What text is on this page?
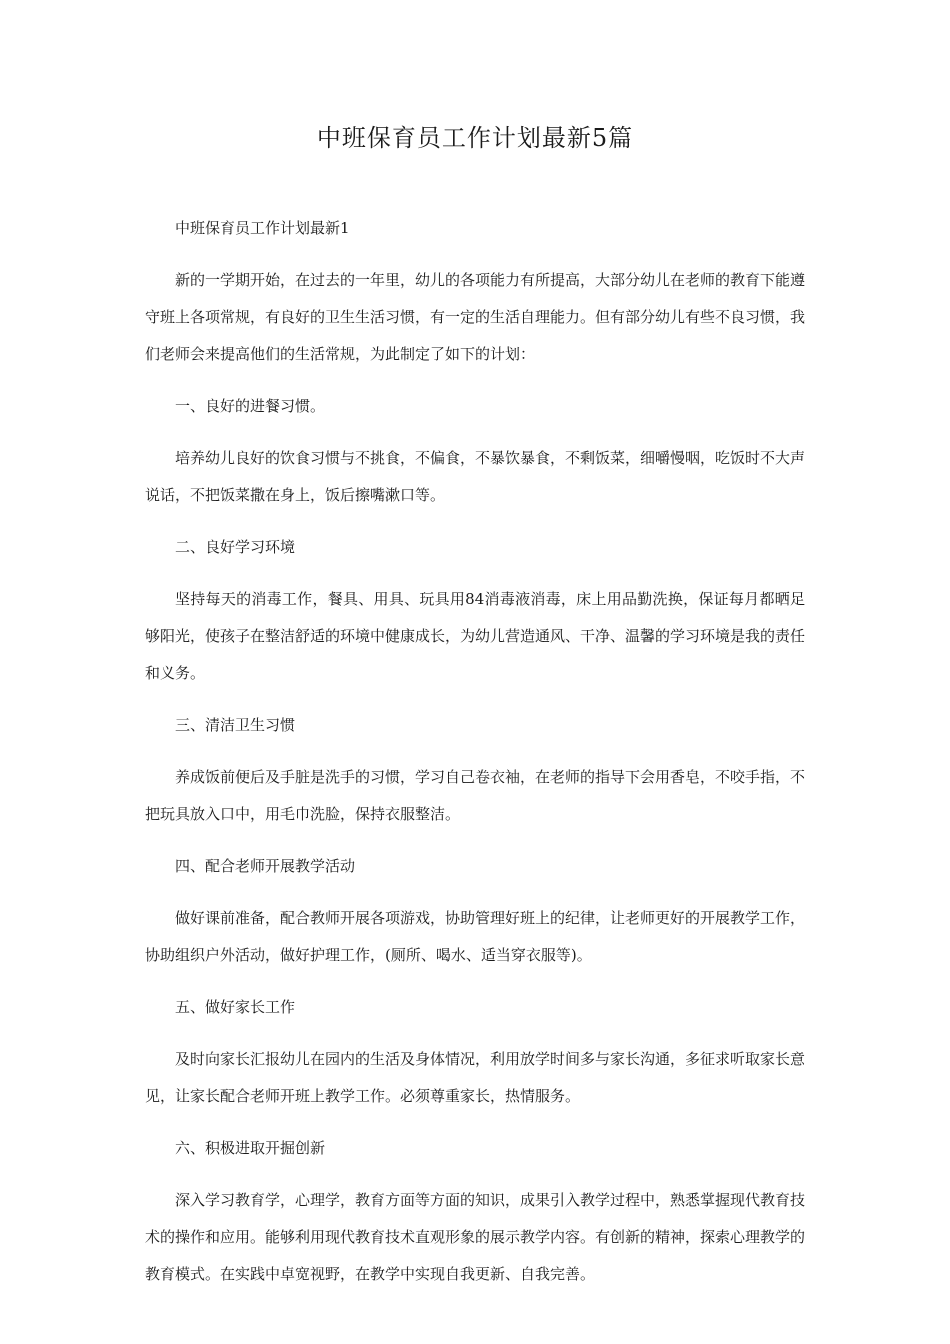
中班保育员工作计划最新5篇

中班保育员工作计划最新1

新的一学期开始，在过去的一年里，幼儿的各项能力有所提高，大部分幼儿在老师的教育下能遵守班上各项常规，有良好的卫生生活习惯，有一定的生活自理能力。但有部分幼儿有些不良习惯，我们老师会来提高他们的生活常规，为此制定了如下的计划：

一、良好的进餐习惯。

培养幼儿良好的饮食习惯与不挑食，不偏食，不暴饮暴食，不剩饭菜，细嚼慢咽，吃饭时不大声说话，不把饭菜撒在身上，饭后擦嘴漱口等。

二、良好学习环境

坚持每天的消毒工作，餐具、用具、玩具用84消毒液消毒，床上用品勤洗换，保证每月都晒足够阳光，使孩子在整洁舒适的环境中健康成长，为幼儿营造通风、干净、温馨的学习环境是我的责任和义务。

三、清洁卫生习惯

养成饭前便后及手脏是洗手的习惯，学习自己卷衣袖，在老师的指导下会用香皂，不咬手指，不把玩具放入口中，用毛巾洗脸，保持衣服整洁。

四、配合老师开展教学活动

做好课前准备，配合教师开展各项游戏，协助管理好班上的纪律，让老师更好的开展教学工作，协助组织户外活动，做好护理工作，(厕所、喝水、适当穿衣服等)。

五、做好家长工作

及时向家长汇报幼儿在园内的生活及身体情况，利用放学时间多与家长沟通，多征求听取家长意见，让家长配合老师开班上教学工作。必须尊重家长，热情服务。

六、积极进取开掘创新

深入学习教育学，心理学，教育方面等方面的知识，成果引入教学过程中，熟悉掌握现代教育技术的操作和应用。能够利用现代教育技术直观形象的展示教学内容。有创新的精神，探索心理教学的教育模式。在实践中卓宽视野，在教学中实现自我更新、自我完善。
